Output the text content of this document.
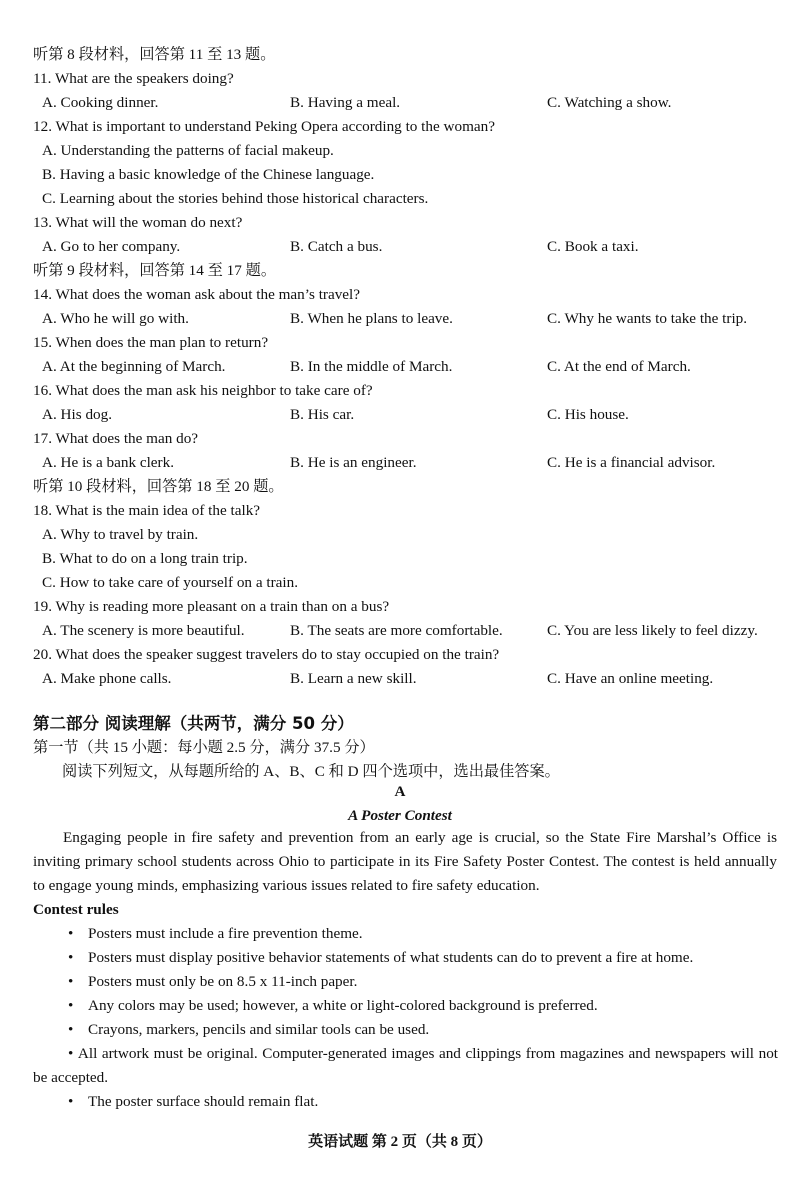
听第 8 段材料，回答第 11 至 13 题。
11. What are the speakers doing?
A. Cooking dinner.	B. Having a meal.	C. Watching a show.
12. What is important to understand Peking Opera according to the woman?
A. Understanding the patterns of facial makeup.
B. Having a basic knowledge of the Chinese language.
C. Learning about the stories behind those historical characters.
13. What will the woman do next?
A. Go to her company.	B. Catch a bus.	C. Book a taxi.
听第 9 段材料，回答第 14 至 17 题。
14. What does the woman ask about the man’s travel?
A. Who he will go with.	B. When he plans to leave.	C. Why he wants to take the trip.
15. When does the man plan to return?
A. At the beginning of March.	B. In the middle of March.	C. At the end of March.
16. What does the man ask his neighbor to take care of?
A. His dog.	B. His car.	C. His house.
17. What does the man do?
A. He is a bank clerk.	B. He is an engineer.	C. He is a financial advisor.
听第 10 段材料，回答第 18 至 20 题。
18. What is the main idea of the talk?
A. Why to travel by train.
B. What to do on a long train trip.
C. How to take care of yourself on a train.
19. Why is reading more pleasant on a train than on a bus?
A. The scenery is more beautiful.	B. The seats are more comfortable.	C. You are less likely to feel dizzy.
20. What does the speaker suggest travelers do to stay occupied on the train?
A. Make phone calls.	B. Learn a new skill.	C. Have an online meeting.
第二部分 阅读理解（共两节，满分 50 分）
第一节（共 15 小题：每小题 2.5 分，满分 37.5 分）
阅读下列短文，从每题所给的 A、B、C 和 D 四个选项中，选出最佳答案。
A
A Poster Contest
Engaging people in fire safety and prevention from an early age is crucial, so the State Fire Marshal’s Office is inviting primary school students across Ohio to participate in its Fire Safety Poster Contest. The contest is held annually to engage young minds, emphasizing various issues related to fire safety education.
Contest rules
• Posters must include a fire prevention theme.
• Posters must display positive behavior statements of what students can do to prevent a fire at home.
• Posters must only be on 8.5 x 11-inch paper.
• Any colors may be used; however, a white or light-colored background is preferred.
• Crayons, markers, pencils and similar tools can be used.
• All artwork must be original. Computer-generated images and clippings from magazines and newspapers will not be accepted.
• The poster surface should remain flat.
英语试题 第 2 页（共 8 页）
